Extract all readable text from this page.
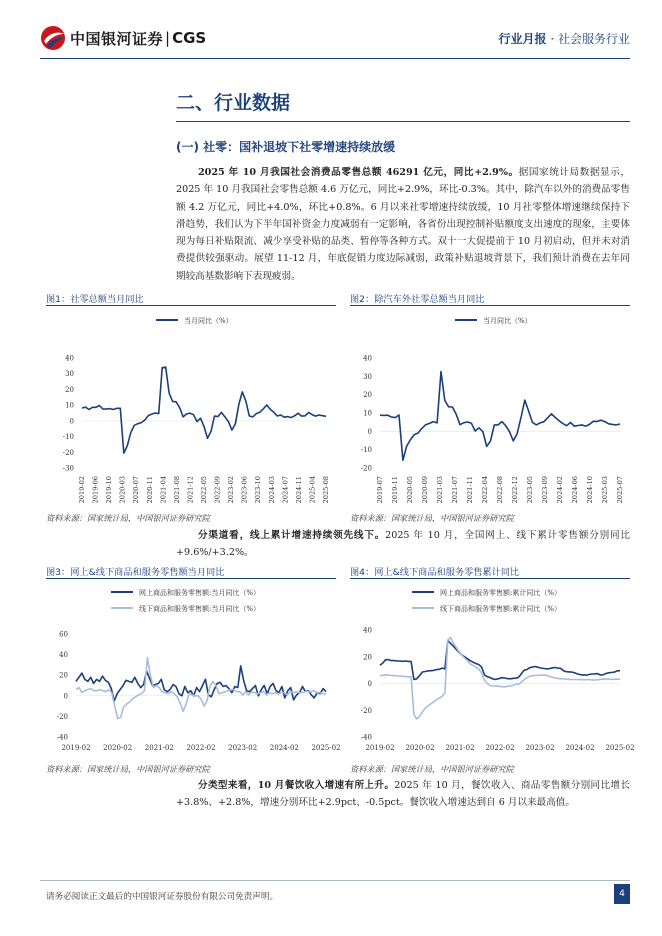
中国银河证券 | CGS	行业月报 · 社会服务行业
二、行业数据
(一) 社零：国补退坡下社零增速持续放缓
2025 年 10 月我国社会消费品零售总额 46291 亿元，同比+2.9%。据国家统计局数据显示，2025 年 10 月我国社会零售总额 4.6 万亿元，同比+2.9%，环比-0.3%。其中，除汽车以外的消费品零售额 4.2 万亿元，同比+4.0%，环比+0.8%。6 月以来社零增速持续放缓，10 月社零整体增速继续保持下滑趋势，我们认为下半年国补资金力度减弱有一定影响，各省份出现控制补贴额度支出速度的现象，主要体现为每日补贴限流、减少享受补贴的品类、暂停等各种方式。双十一大促提前于 10 月初启动，但并未对消费提供较强驱动。展望 11-12 月，年底促销力度边际减弱，政策补贴退坡背景下，我们预计消费在去年同期较高基数影响下表现疲弱。
图1：社零总额当月同比
当月同比（%）
-30
-20
-10
0
10
20
30
40
2019-02 2019-06 2019-10 2020-03 2020-07 2020-11 2021-04 2021-08 2021-12 2022-05 2022-09 2023-02 2023-06 2023-10 2024-03 2024-07 2024-11 2025-04 2025-08
资料来源：国家统计局，中国银河证券研究院
图2：除汽车外社零总额当月同比
当月同比（%）
-20
-10
0
10
20
30
40
2019-07 2019-11 2020-05 2020-09 2021-03 2021-07 2021-11 2022-04 2022-08 2022-12 2023-05 2023-09 2024-02 2024-06 2024-10 2025-03 2025-07
资料来源：国家统计局，中国银河证券研究院
分渠道看，线上累计增速持续领先线下。2025 年 10 月，全国网上、线下累计零售额分别同比+9.6%/+3.2%。
图3：网上&线下商品和服务零售额当月同比
网上商品和服务零售额:当月同比（%）
线下商品和服务零售额:当月同比（%）
-40
-20
0
20
40
60
2019-02 2020-02 2021-02 2022-02 2023-02 2024-02 2025-02
资料来源：国家统计局，中国银河证券研究院
图4：网上&线下商品和服务零售累计同比
网上商品和服务零售额:累计同比（%）
线下商品和服务零售额:累计同比（%）
-40
-20
0
20
40
2019-02 2020-02 2021-02 2022-02 2023-02 2024-02 2025-02
资料来源：国家统计局，中国银河证券研究院
分类型来看，10 月餐饮收入增速有所上升。2025 年 10 月，餐饮收入、商品零售额分别同比增长+3.8%、+2.8%，增速分别环比+2.9pct、-0.5pct。餐饮收入增速达到自 6 月以来最高值。
请务必阅读正文最后的中国银河证券股份有限公司免责声明。	4
